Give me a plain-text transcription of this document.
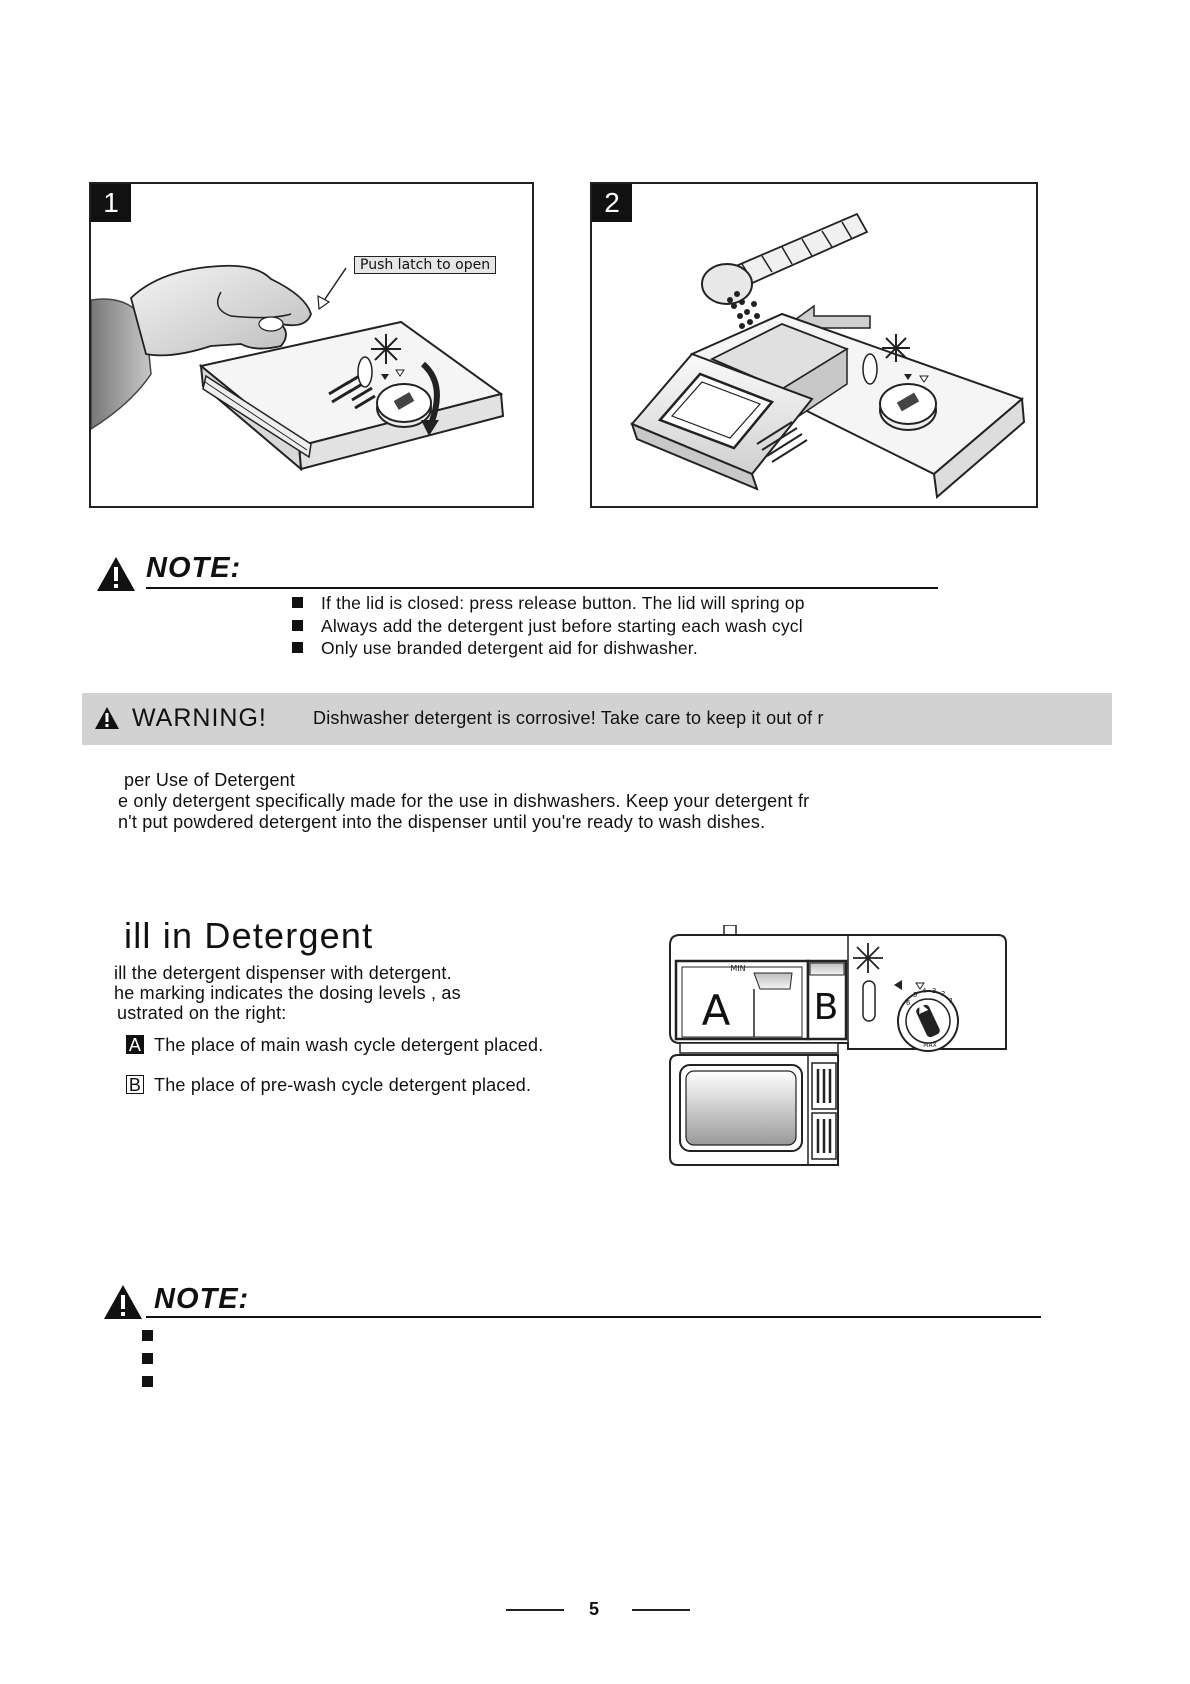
1
Push latch to open
2
NOTE:
If the lid is closed: press release button. The lid will spring op
Always add the detergent just before starting each wash cycl
Only use branded detergent aid for dishwasher.
WARNING!	Dishwasher detergent is corrosive! Take care to keep it out of r
per Use of Detergent
e only detergent specifically made for the use in dishwashers. Keep your detergent fr
n't put powdered detergent into the dispenser until you're ready to wash dishes.
ill in Detergent
ill the detergent dispenser with detergent.
he marking indicates the dosing levels , as
ustrated on the right:
A The place of main wash cycle detergent placed.
B The place of pre-wash cycle detergent placed.
MIN
A B
MAX
6
5 4 3 2
1
NOTE:
5
